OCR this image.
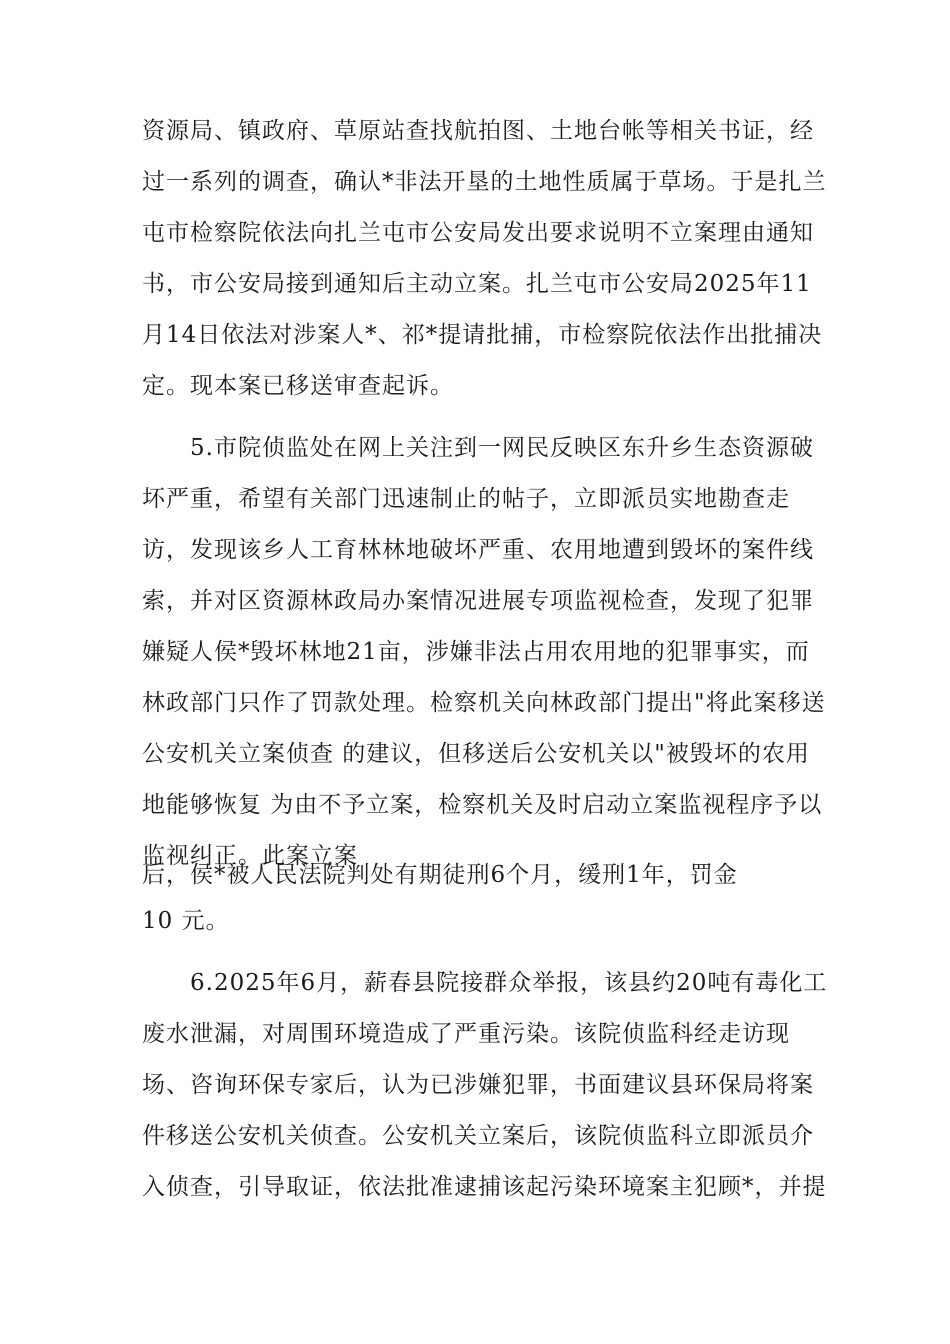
资源局、镇政府、草原站查找航拍图、土地台帐等相关书证，经
过一系列的调查，确认*非法开垦的土地性质属于草场。于是扎兰
屯市检察院依法向扎兰屯市公安局发出要求说明不立案理由通知
书，市公安局接到通知后主动立案。扎兰屯市公安局2025年11
月14日依法对涉案人*、祁*提请批捕，市检察院依法作出批捕决
定。现本案已移送审查起诉。
5.市院侦监处在网上关注到一网民反映区东升乡生态资源破
坏严重，希望有关部门迅速制止的帖子，立即派员实地勘查走
访，发现该乡人工育林林地破坏严重、农用地遭到毁坏的案件线
索，并对区资源林政局办案情况进展专项监视检查，发现了犯罪
嫌疑人侯*毁坏林地21亩，涉嫌非法占用农用地的犯罪事实，而
林政部门只作了罚款处理。检察机关向林政部门提出"将此案移送
公安机关立案侦查 的建议，但移送后公安机关以"被毁坏的农用
地能够恢复 为由不予立案，检察机关及时启动立案监视程序予以
监视纠正。此案立案
后，侯*被人民法院判处有期徒刑6个月，缓刑1年，罚金
10 元。
6.2025年6月，薪春县院接群众举报，该县约20吨有毒化工
废水泄漏，对周围环境造成了严重污染。该院侦监科经走访现
场、咨询环保专家后，认为已涉嫌犯罪，书面建议县环保局将案
件移送公安机关侦查。公安机关立案后，该院侦监科立即派员介
入侦查，引导取证，依法批准逮捕该起污染环境案主犯顾*，并提
